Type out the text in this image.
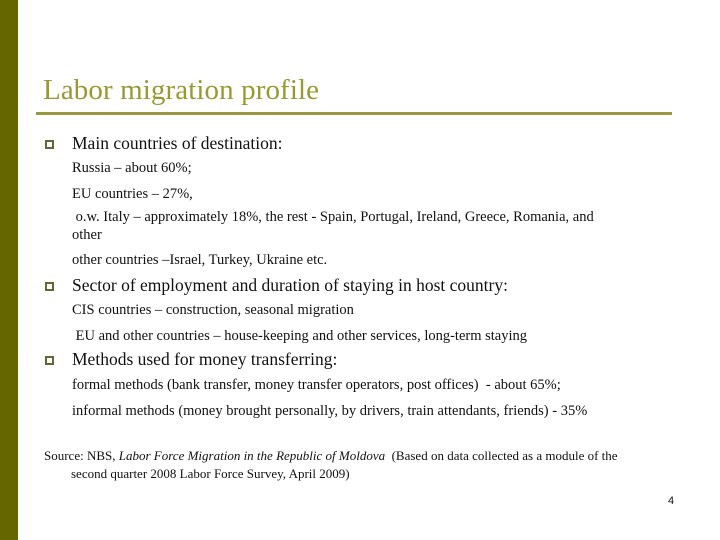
Labor migration profile
Main countries of destination:
Russia – about 60%;
EU countries – 27%,
o.w. Italy – approximately 18%, the rest - Spain, Portugal, Ireland, Greece, Romania, and
other
other countries –Israel, Turkey, Ukraine etc.
Sector of employment and duration of staying in host country:
CIS countries – construction, seasonal migration
EU and other countries – house-keeping and other services, long-term staying
Methods used for money transferring:
formal methods (bank transfer, money transfer operators, post offices)  - about 65%;
informal methods (money brought personally, by drivers, train attendants, friends) - 35%
Source: NBS, Labor Force Migration in the Republic of Moldova  (Based on data collected as a module of the
second quarter 2008 Labor Force Survey, April 2009)
4
